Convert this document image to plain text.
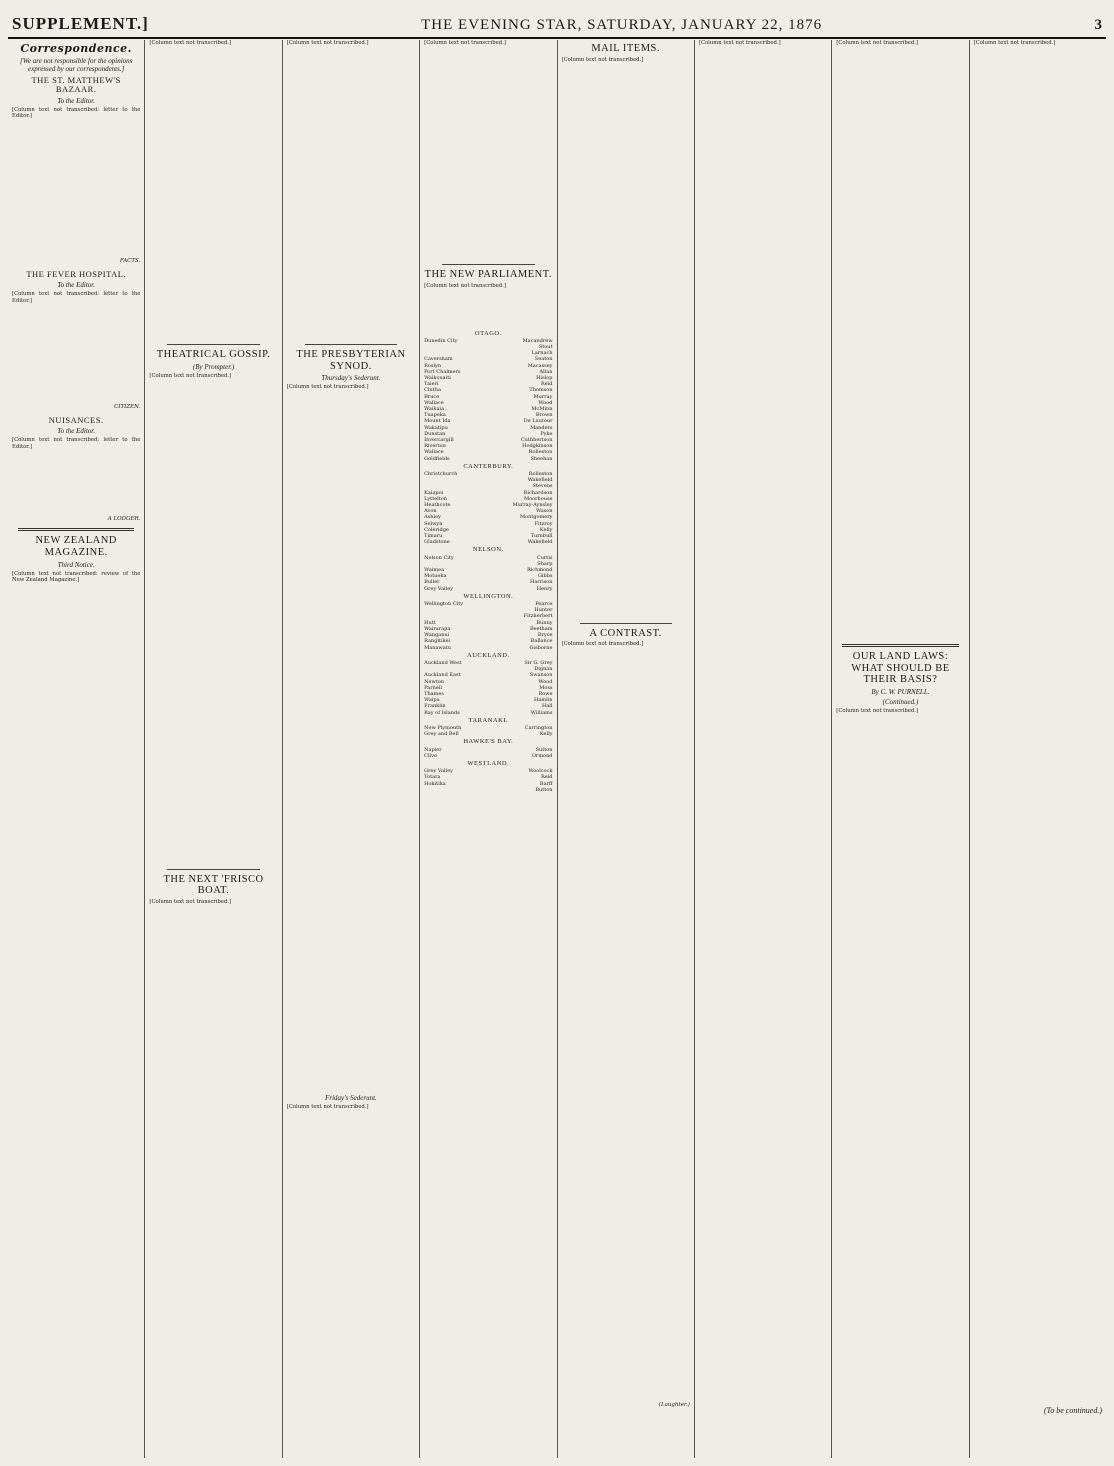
SUPPLEMENT.]	THE EVENING STAR, SATURDAY, JANUARY 22, 1876	3
Correspondence.
[We are not responsible for the opinions expressed by our correspondents.]
THE ST. MATTHEW'S BAZAAR.
To the Editor.
[Column text not transcribed: letter to the Editor.]
FACTS.
THE FEVER HOSPITAL.
To the Editor.
[Column text not transcribed: letter to the Editor.]
CITIZEN.
NUISANCES.
To the Editor.
[Column text not transcribed: letter to the Editor.]
A LODGER.
NEW ZEALAND MAGAZINE.
Third Notice.
[Column text not transcribed: review of the New Zealand Magazine.]
[Column text not transcribed.]
THEATRICAL GOSSIP.
(By Prompter.)
[Column text not transcribed.]
THE NEXT 'FRISCO BOAT.
[Column text not transcribed.]
[Column text not transcribed.]
THE PRESBYTERIAN SYNOD.
Thursday's Sederunt.
[Column text not transcribed.]
Friday's Sederunt.
[Column text not transcribed.]
[Column text not transcribed.]
THE NEW PARLIAMENT.
[Column text not transcribed.]
OTAGO.
Dunedin City	Macandrew
Stout
Larnach
Caversham	Seaton
Roslyn	Macassey
Port Chalmers	Allan
Waikouaiti	Hislop
Taieri	Reid
Clutha	Thomson
Bruce	Murray
Wallace	Wood
Waikaia	McMinn
Tuapeka	Brown
Mount Ida	De Lautour
Wakatipu	Manders
Dunstan	Pyke
Invercargill	Cuthbertson
Riverton	Hodgkinson
Wallace	Rolleston
Goldfields	Sheehan
CANTERBURY.
Christchurch	Rolleston
Wakefield
Stevens
Kaiapoi	Richardson
Lyttelton	Moorhouse
Heathcote	Murray-Aynsley
Avon	Wason
Ashley	Montgomery
Selwyn	Fitzroy
Coleridge	Kelly
Timaru	Turnbull
Gladstone	Wakefield
NELSON.
Nelson City	Curtis
Sharp
Waimea	Richmond
Motueka	Gibbs
Buller	Harrison
Grey Valley	Henry
WELLINGTON.
Wellington City	Pearce
Hunter
Fitzherbert
Hutt	Bunny
Wairarapa	Beetham
Wanganui	Bryce
Rangitikei	Ballance
Manawatu	Gisborne
AUCKLAND.
Auckland West	Sir G. Grey
Dignan
Auckland East	Swanson
Newton	Wood
Parnell	Moss
Thames	Rowe
Waipa	Hamlin
Franklin	Hall
Bay of Islands	Williams
TARANAKI.
New Plymouth	Carrington
Grey and Bell	Kelly
HAWKE'S BAY.
Napier	Sutton
Clive	Ormond
WESTLAND.
Grey Valley	Woolcock
Totara	Reid
Hokitika	Barff
Button
MAIL ITEMS.
[Column text not transcribed.]
A CONTRAST.
[Column text not transcribed.]
(Laughter.)
[Column text not transcribed.]	[Column text not transcribed.]
OUR LAND LAWS: WHAT SHOULD BE THEIR BASIS?
By C. W. PURNELL.
(Continued.)
[Column text not transcribed.]
[Column text not transcribed.]
(To be continued.)
